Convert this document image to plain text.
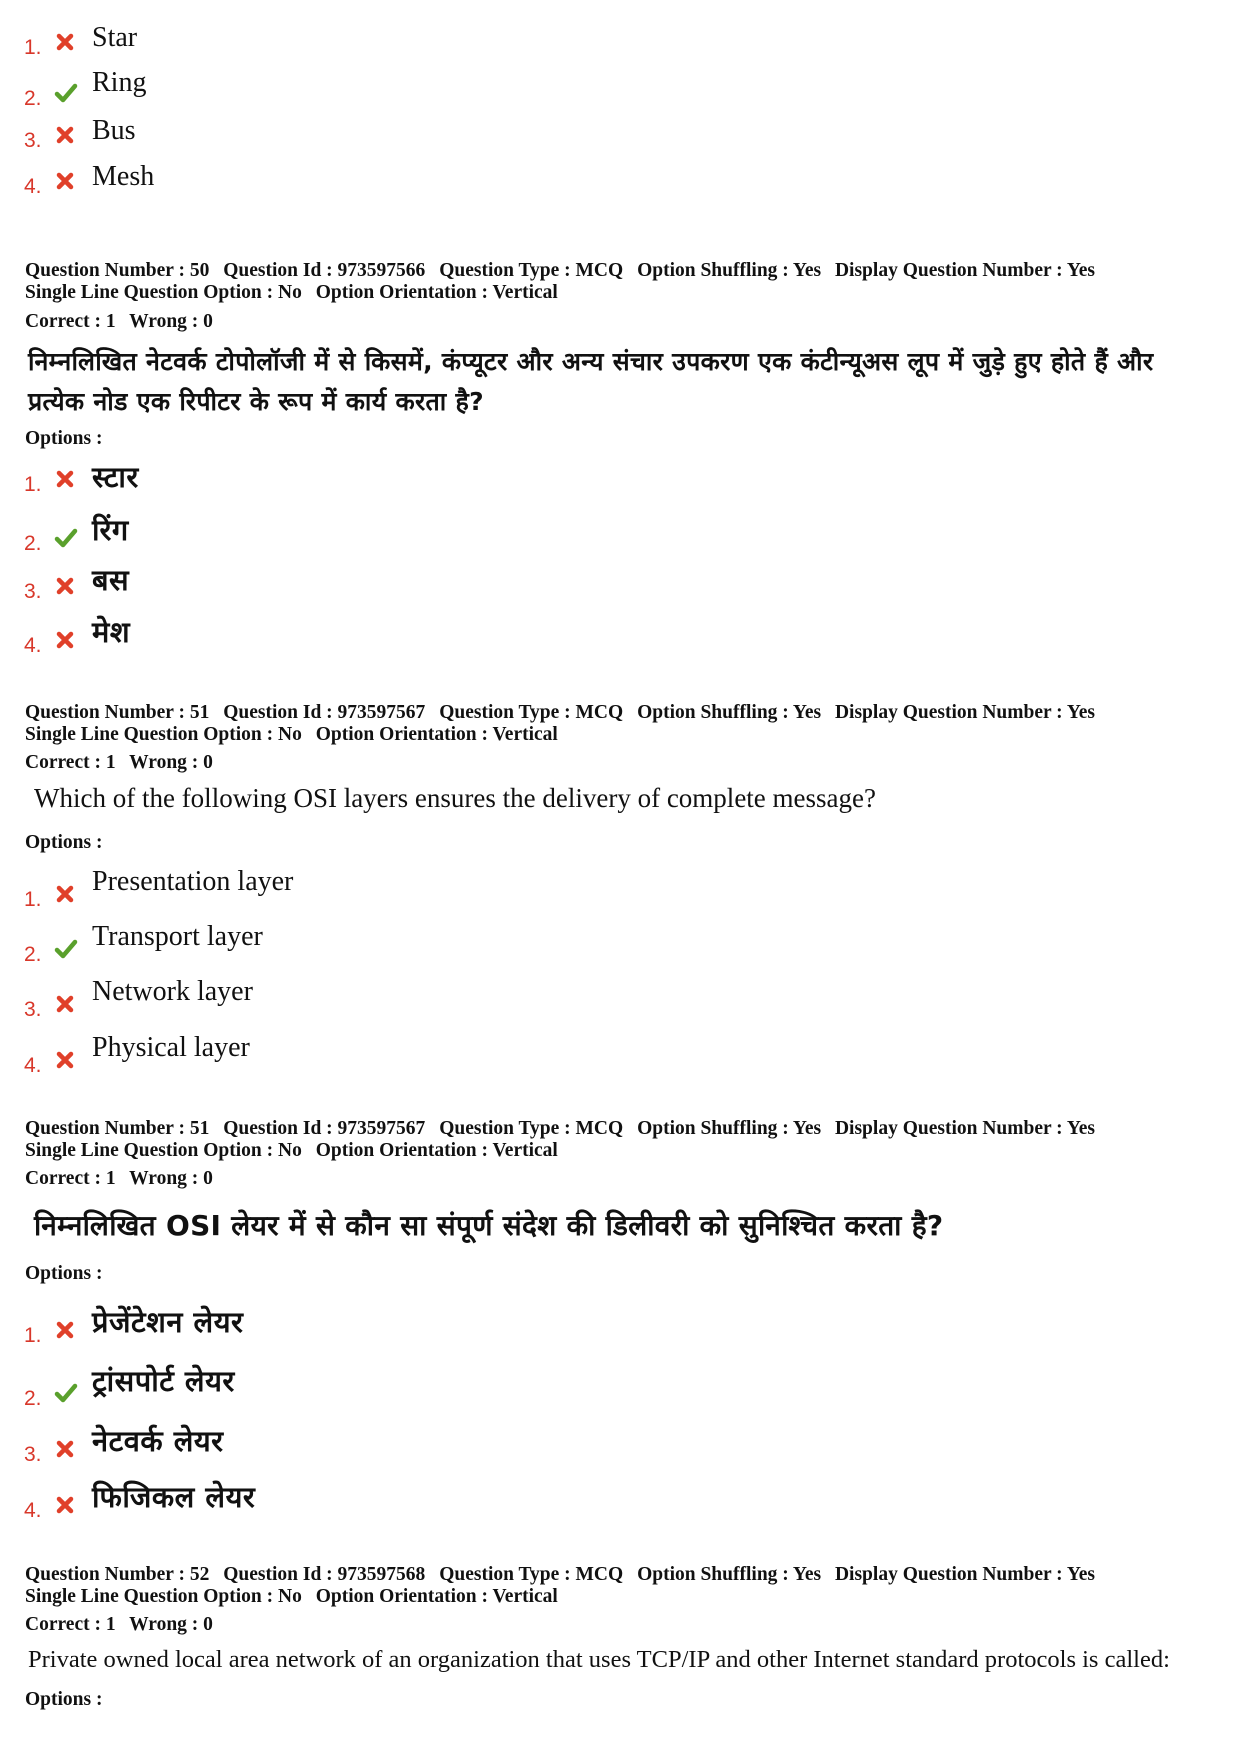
1. Star
2.
Ring
3. Bus
4. Mesh
Question Number : 50 Question Id : 973597566 Question Type : MCQ Option Shuffling : Yes Display Question Number : Yes
Single Line Question Option : No Option Orientation : Vertical
Correct : 1 Wrong : 0
निम्नलिखित नेटवर्क टोपोलॉजी में से किसमें, कंप्यूटर और अन्य संचार उपकरण एक कंटीन्यूअस लूप में जुड़े हुए होते हैं और प्रत्येक नोड एक रिपीटर के रूप में कार्य करता है?
Options :
1. स्टार
2. रिंग
3. बस
4. मेश
Question Number : 51 Question Id : 973597567 Question Type : MCQ Option Shuffling : Yes Display Question Number : Yes
Single Line Question Option : No Option Orientation : Vertical
Correct : 1 Wrong : 0
Which of the following OSI layers ensures the delivery of complete message?
Options :
1.
Presentation layer
2.
Transport layer
3.
Network layer
4.
Physical layer
Question Number : 51 Question Id : 973597567 Question Type : MCQ Option Shuffling : Yes Display Question Number : Yes
Single Line Question Option : No Option Orientation : Vertical
Correct : 1 Wrong : 0
निम्नलिखित OSI लेयर में से कौन सा संपूर्ण संदेश की डिलीवरी को सुनिश्चित करता है?
Options :
1. प्रेजेंटेशन लेयर
2.
ट्रांसपोर्ट लेयर
3. नेटवर्क लेयर
4. फिजिकल लेयर
Question Number : 52 Question Id : 973597568 Question Type : MCQ Option Shuffling : Yes Display Question Number : Yes
Single Line Question Option : No Option Orientation : Vertical
Correct : 1 Wrong : 0
Private owned local area network of an organization that uses TCP/IP and other Internet standard protocols is called:
Options :
